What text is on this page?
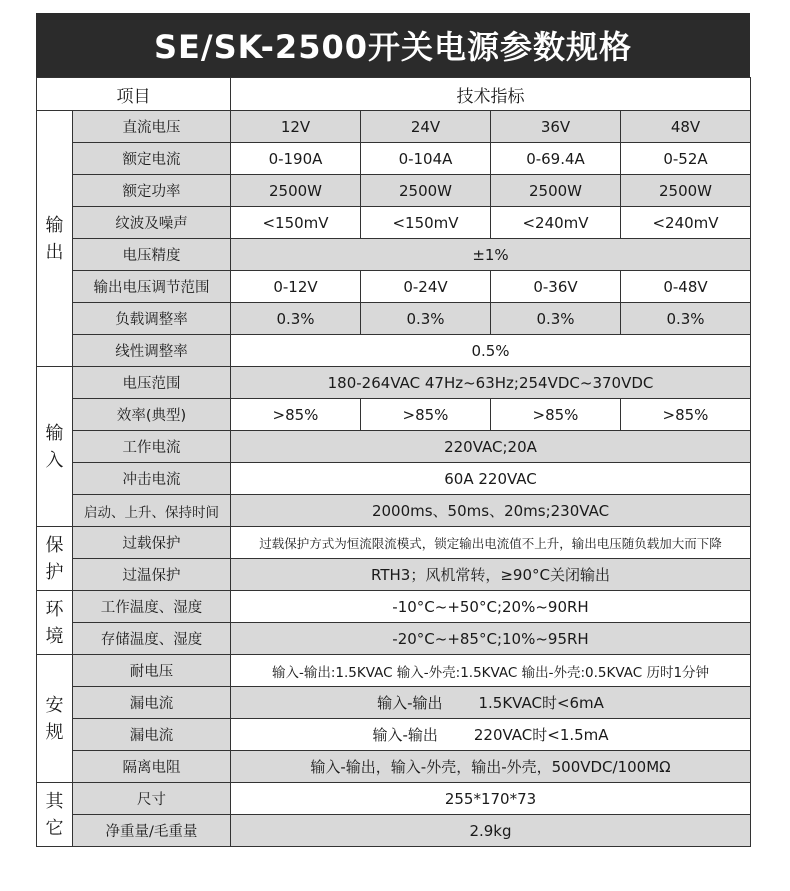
SE/SK-2500开关电源参数规格
项目		技术指标			
输出	直流电压	12V	24V	36V	48V
	额定电流	0-190A	0-104A	0-69.4A	0-52A
	额定功率	2500W	2500W	2500W	2500W
	纹波及噪声	<150mV	<150mV	<240mV	<240mV
	电压精度	±1%			
	输出电压调节范围	0-12V	0-24V	0-36V	0-48V
	负载调整率	0.3%	0.3%	0.3%	0.3%
	线性调整率	0.5%			
输入	电压范围	180-264VAC 47Hz~63Hz;254VDC~370VDC			
	效率(典型)	>85%	>85%	>85%	>85%
	工作电流	220VAC;20A			
	冲击电流	60A 220VAC			
	启动、上升、保持时间	2000ms、50ms、20ms;230VAC			
保护	过载保护	过载保护方式为恒流限流模式，锁定输出电流值不上升，输出电压随负载加大而下降			
	过温保护	RTH3；风机常转，≥90°C关闭输出			
环境	工作温度、湿度	-10°C~+50°C;20%~90RH			
	存储温度、湿度	-20°C~+85°C;10%~95RH			
安规	耐电压	输入-输出:1.5KVAC 输入-外壳:1.5KVAC 输出-外壳:0.5KVAC 历时1分钟			
	漏电流	输入-输出 1.5KVAC时<6mA			
	漏电流	输入-输出 220VAC时<1.5mA			
	隔离电阻	输入-输出，输入-外壳，输出-外壳，500VDC/100MΩ			
其它	尺寸	255*170*73			
	净重量/毛重量	2.9kg			
